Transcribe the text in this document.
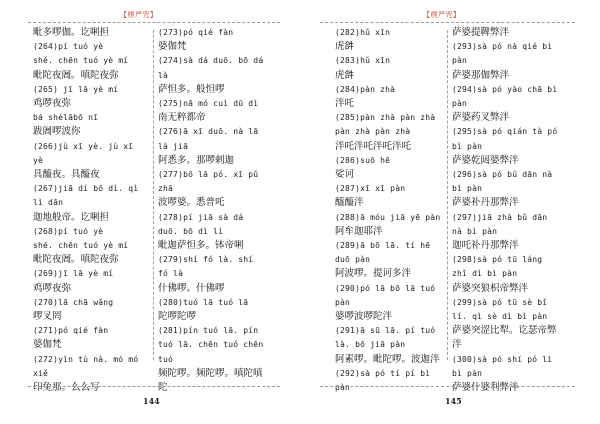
【楞严咒】
毗多啰伽。讫唎担
(264)pí tuó yè
shé. chēn tuó yè mí
毗陀夜阇。嗔陀夜弥
(265) jī lā yè mí
鸡啰夜弥
bá shélābō nī
跋阇啰波你
(266)jù xī yè. jù xī
yè
具醯夜。具醯夜
(267)jiā dí bō dì. qì
lì dān
迦地般帝。讫唎担
(268)pí tuó yè
shé. chēn tuó yè mí
毗陀夜阇。嗔陀夜弥
(269)jī lā yè mí
鸡啰夜弥
(270)lā chā wǎng
啰叉罔
(271)pó qié fàn
婆伽梵
(272)yìn tù nà. mó mó
xiě
印兔那。么么写
(273)pó qié fàn
婆伽梵
(274)sà dá duō. bō dá
là
萨怛多。般怛啰
(275)nā mó cuì dū dì
南无粹都帝
(276)ā xī duō. nà lā
là jiā
阿悉多。那啰剌迦
(277)bō lā pó. xī pǔ
zhā
波啰婆。悉普吒
(278)pí jiā sà dá
duō. bō dì lì
毗迦萨怛多。钵帝唎
(279)shí fó là. shí
fó là
什佛啰。什佛啰
(280)tuó lā tuó lā
陀啰陀啰
(281)pín tuó lā. pín
tuó lā. chēn tuó chēn
tuó
频陀啰。频陀啰。嗔陀嗔
陀
144
【楞严咒】
(282)hǔ xīn
虎𤙖
(283)hǔ xīn
虎𤙖
(284)pàn zhà
泮吒
(285)pàn zhà pàn zhà
pàn zhà pàn zhà
泮吒泮吒泮吒泮吒
(286)suō hē
娑诃
(287)xī xī pàn
醯醯泮
(288)ā móu jiā yē pàn
阿牟迦耶泮
(289)ā bō lā. tí hē
duō pàn
阿波啰。提诃多泮
(290)pó lā bō lā tuó
pàn
婆啰波啰陀泮
(291)ā sū lā. pí tuó
là. bō jiā pàn
阿素啰。毗陀啰。波迦泮
(292)sà pó tí pí bì
pàn
萨婆提鞞弊泮
(293)sà pó nà qié bì
pàn
萨婆那伽弊泮
(294)sà pó yào chā bì
pàn
萨婆药叉弊泮
(295)sà pó qián tà pó
bì pàn
萨婆乾闼婆弊泮
(296)sà pó bǔ dān nà
bì pàn
萨婆补丹那弊泮
(297)jiā zhà bǔ dān
nà bì pàn
迦吒补丹那弊泮
(298)sà pó tū láng
zhǐ dì bì pàn
萨婆突狼枳帝弊泮
(299)sà pó tū sè bǐ
lí. qì sè dì bì pàn
萨婆突涩比犁。讫瑟帝弊
泮
(300)sà pó shí pó lì
bì pàn
萨婆什婆利弊泮
145
